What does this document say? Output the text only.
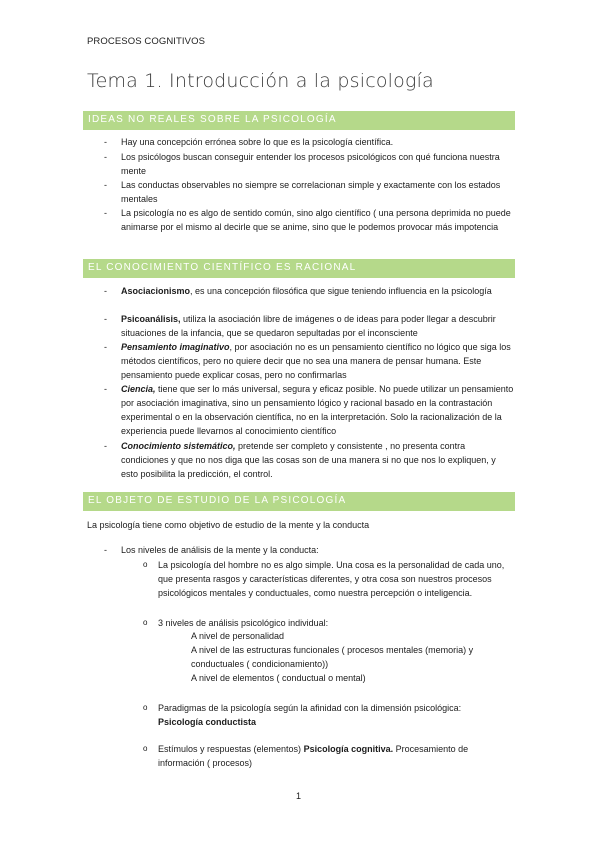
PROCESOS COGNITIVOS
Tema 1. Introducción a la psicología
IDEAS NO REALES SOBRE LA PSICOLOGÍA
- Hay una concepción errónea sobre lo que es la psicología científica.
- Los psicólogos buscan conseguir entender los procesos psicológicos con qué funciona nuestra mente
- Las conductas observables no siempre se correlacionan simple y exactamente con los estados mentales
- La psicología no es algo de sentido común, sino algo científico ( una persona deprimida no puede animarse por el mismo al decirle que se anime, sino que le podemos provocar más impotencia
EL CONOCIMIENTO CIENTÍFICO ES RACIONAL
- Asociacionismo, es una concepción filosófica que sigue teniendo influencia en la psicología
- Psicoanálisis, utiliza la asociación libre de imágenes o de ideas para poder llegar a descubrir situaciones de la infancia, que se quedaron sepultadas por el inconsciente
- Pensamiento imaginativo, por asociación no es un pensamiento científico no lógico que siga los métodos científicos, pero no quiere decir que no sea una manera de pensar humana. Este pensamiento puede explicar cosas, pero no confirmarlas
- Ciencia, tiene que ser lo más universal, segura y eficaz posible. No puede utilizar un pensamiento por asociación imaginativa, sino un pensamiento lógico y racional basado en la contrastación experimental o en la observación científica, no en la interpretación. Solo la racionalización de la experiencia puede llevarnos al conocimiento científico
- Conocimiento sistemático, pretende ser completo y consistente , no presenta contra condiciones y que no nos diga que las cosas son de una manera si no que nos lo expliquen, y esto posibilita la predicción, el control.
EL OBJETO DE ESTUDIO DE LA PSICOLOGÍA
La psicología tiene como objetivo de estudio de la mente y la conducta
- Los niveles de análisis de la mente y la conducta:
o La psicología del hombre no es algo simple. Una cosa es la personalidad de cada uno, que presenta rasgos y características diferentes, y otra cosa son nuestros procesos psicológicos mentales y conductuales, como nuestra percepción o inteligencia.
o 3 niveles de análisis psicológico individual:
A nivel de personalidad
A nivel de las estructuras funcionales ( procesos mentales (memoria) y conductuales ( condicionamiento))
A nivel de elementos ( conductual o mental)
o Paradigmas de la psicología según la afinidad con la dimensión psicológica:
Psicología conductista
o Estímulos y respuestas (elementos) Psicología cognitiva. Procesamiento de información ( procesos)
1
